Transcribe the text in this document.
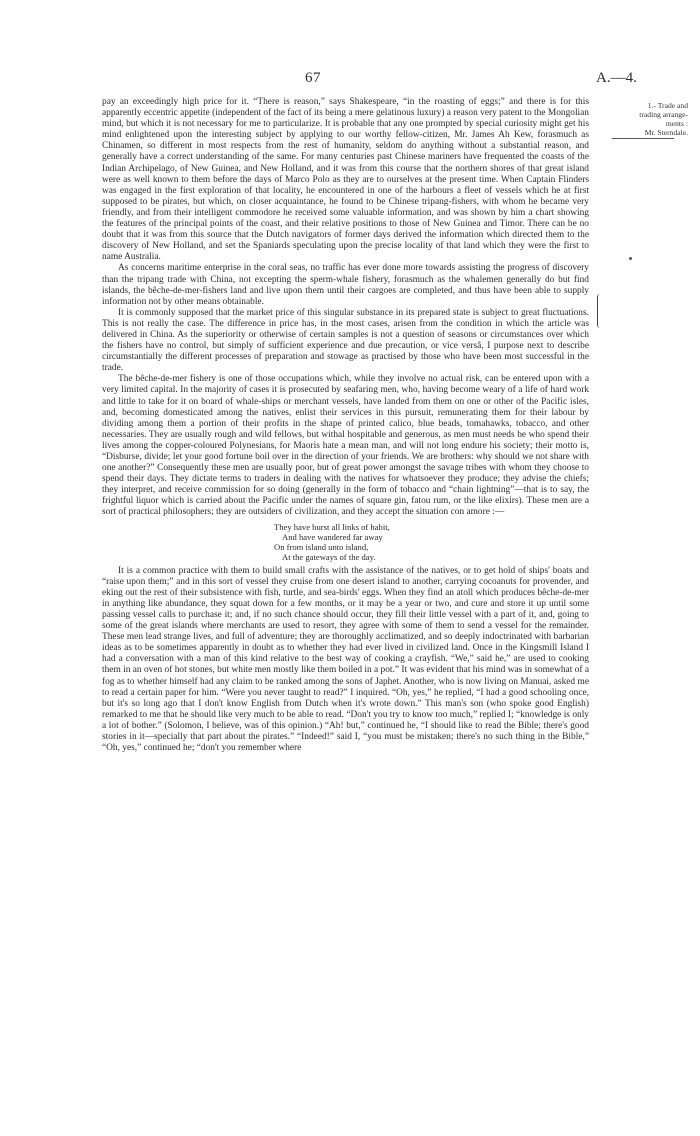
67	A.—4.
1.- Trade and
trading arrange-
ments :
Mr. Sterndale.

pay an exceedingly high price for it. “There is reason,” says Shakespeare, “in the roasting of eggs;” and there is for this apparently eccentric appetite (independent of the fact of its being a mere gelatinous luxury) a reason very patent to the Mongolian mind, but which it is not necessary for me to particularize. It is probable that any one prompted by special curiosity might get his mind enlightened upon the interesting subject by applying to our worthy fellow-citizen, Mr. James Ah Kew, forasmuch as Chinamen, so different in most respects from the rest of humanity, seldom do anything without a substantial reason, and generally have a correct understanding of the same. For many centuries past Chinese mariners have frequented the coasts of the Indian Archipelago, of New Guinea, and New Holland, and it was from this course that the northern shores of that great island were as well known to them before the days of Marco Polo as they are to ourselves at the present time. When Captain Flinders was engaged in the first exploration of that locality, he encountered in one of the harbours a fleet of vessels which he at first supposed to be pirates, but which, on closer acquaintance, he found to be Chinese tripang-fishers, with whom he became very friendly, and from their intelligent commodore he received some valuable information, and was shown by him a chart showing the features of the principal points of the coast, and their relative positions to those of New Guinea and Timor. There can be no doubt that it was from this source that the Dutch navigators of former days derived the information which directed them to the discovery of New Holland, and set the Spaniards speculating upon the precise locality of that land which they were the first to name Australia.

As concerns maritime enterprise in the coral seas, no traffic has ever done more towards assisting the progress of discovery than the tripang trade with China, not excepting the sperm-whale fishery, forasmuch as the whalemen generally do but find islands, the bêche-de-mer-fishers land and live upon them until their cargoes are completed, and thus have been able to supply information not by other means obtainable.

It is commonly supposed that the market price of this singular substance in its prepared state is subject to great fluctuations. This is not really the case. The difference in price has, in the most cases, arisen from the condition in which the article was delivered in China. As the superiority or otherwise of certain samples is not a question of seasons or circumstances over which the fishers have no control, but simply of sufficient experience and due precaution, or vice versâ, I purpose next to describe circumstantially the different processes of preparation and stowage as practised by those who have been most successful in the trade.

The bêche-de-mer fishery is one of those occupations which, while they involve no actual risk, can be entered upon with a very limited capital. In the majority of cases it is prosecuted by seafaring men, who, having become weary of a life of hard work and little to take for it on board of whale-ships or merchant vessels, have landed from them on one or other of the Pacific isles, and, becoming domesticated among the natives, enlist their services in this pursuit, remunerating them for their labour by dividing among them a portion of their profits in the shape of printed calico, blue beads, tomahawks, tobacco, and other necessaries. They are usually rough and wild fellows, but withal hospitable and generous, as men must needs be who spend their lives among the copper-coloured Polynesians, for Maoris hate a mean man, and will not long endure his society; their motto is, “Disburse, divide; let your good fortune boil over in the direction of your friends. We are brothers: why should we not share with one another?” Consequently these men are usually poor, but of great power amongst the savage tribes with whom they choose to spend their days. They dictate terms to traders in dealing with the natives for whatsoever they produce; they advise the chiefs; they interpret, and receive commission for so doing (generally in the form of tobacco and “chain lightning”—that is to say, the frightful liquor which is carried about the Pacific under the names of square gin, fatou rum, or the like elixirs). These men are a sort of practical philosophers; they are outsiders of civilization, and they accept the situation con amore :—

They have burst all links of habit,
And have wandered far away
On from island unto island,
At the gateways of the day.

It is a common practice with them to build small crafts with the assistance of the natives, or to get hold of ships' boats and “raise upon them;” and in this sort of vessel they cruise from one desert island to another, carrying cocoanuts for provender, and eking out the rest of their subsistence with fish, turtle, and sea-birds' eggs. When they find an atoll which produces bêche-de-mer in anything like abundance, they squat down for a few months, or it may be a year or two, and cure and store it up until some passing vessel calls to purchase it; and, if no such chance should occur, they fill their little vessel with a part of it, and, going to some of the great islands where merchants are used to resort, they agree with some of them to send a vessel for the remainder. These men lead strange lives, and full of adventure; they are thoroughly acclimatized, and so deeply indoctrinated with barbarian ideas as to be sometimes apparently in doubt as to whether they had ever lived in civilized land. Once in the Kingsmill Island I had a conversation with a man of this kind relative to the best way of cooking a crayfish. “We,” said he,” are used to cooking them in an oven of hot stones, but white men mostly like them boiled in a pot.” It was evident that his mind was in somewhat of a fog as to whether himself had any claim to be ranked among the sons of Japhet. Another, who is now living on Manuai, asked me to read a certain paper for him. “Were you never taught to read?” I inquired. “Oh, yes,” he replied, “I had a good schooling once, but it's so long ago that I don't know English from Dutch when it's wrote down.” This man's son (who spoke good English) remarked to me that he should like very much to be able to read. “Don't you try to know too much,” replied I; “knowledge is only a lot of bother.” (Solomon, I believe, was of this opinion.) “Ah! but,” continued he, “I should like to read the Bible; there's good stories in it—specially that part about the pirates.” “Indeed!” said I, “you must be mistaken; there's no such thing in the Bible,” “Oh, yes,” continued he; “don't you remember where
